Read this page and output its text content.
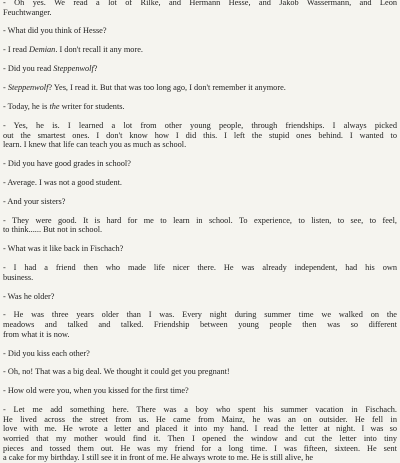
- Oh yes. We read a lot of Rilke, and Hermann Hesse, and Jakob Wassermann, and Leon
Feuchtwanger.
- What did you think of Hesse?
- I read Demian. I don't recall it any more.
- Did you read Steppenwolf?
- Steppenwolf? Yes, I read it. But that was too long ago, I don't remember it anymore.
- Today, he is the writer for students.
- Yes, he is. I learned a lot from other young people, through friendships. I always picked
out the smartest ones. I don't know how I did this. I left the stupid ones behind. I wanted to
learn. I knew that life can teach you as much as school.
- Did you have good grades in school?
- Average. I was not a good student.
- And your sisters?
- They were good. It is hard for me to learn in school. To experience, to listen, to see, to feel,
to think...... But not in school.
- What was it like back in Fischach?
- I had a friend then who made life nicer there. He was already independent, had his own
business.
- Was he older?
- He was three years older than I was. Every night during summer time we walked on the
meadows and talked and talked. Friendship between young people then was so different
from what it is now.
- Did you kiss each other?
- Oh, no! That was a big deal. We thought it could get you pregnant!
- How old were you, when you kissed for the first time?
- Let me add something here. There was a boy who spent his summer vacation in Fischach.
He lived across the street from us. He came from Mainz, he was an on outsider. He fell in
love with me. He wrote a letter and placed it into my hand. I read the letter at night. I was so
worried that my mother would find it. Then I opened the window and cut the letter into tiny
pieces and tossed them out. He was my friend for a long time. I was fifteen, sixteen. He sent
a cake for my birthday. I still see it in front of me. He always wrote to me. He is still alive, he
